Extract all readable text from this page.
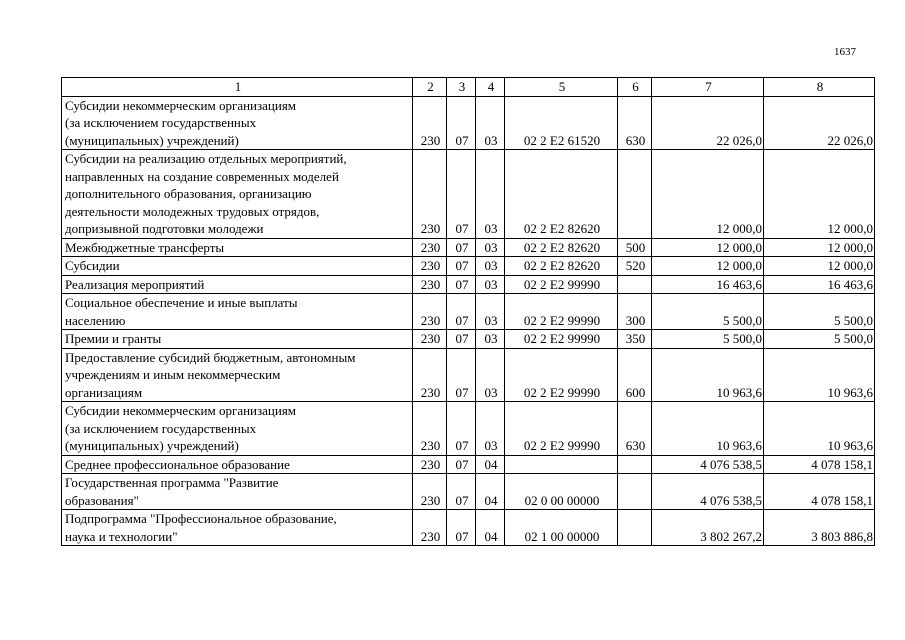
1637
1	2	3	4	5	6	7	8

Субсидии некоммерческим организациям
(за исключением государственных
(муниципальных) учреждений)	230	07	03	02 2 E2 61520	630	22 026,0	22 026,0

Субсидии на реализацию отдельных мероприятий,
направленных на создание современных моделей
дополнительного образования, организацию
деятельности молодежных трудовых отрядов,
допризывной подготовки молодежи	230	07	03	02 2 E2 82620		12 000,0	12 000,0

Межбюджетные трансферты	230	07	03	02 2 E2 82620	500	12 000,0	12 000,0

Субсидии	230	07	03	02 2 E2 82620	520	12 000,0	12 000,0

Реализация мероприятий	230	07	03	02 2 E2 99990		16 463,6	16 463,6

Социальное обеспечение и иные выплаты
населению	230	07	03	02 2 E2 99990	300	5 500,0	5 500,0

Премии и гранты	230	07	03	02 2 E2 99990	350	5 500,0	5 500,0

Предоставление субсидий бюджетным, автономным
учреждениям и иным некоммерческим
организациям	230	07	03	02 2 E2 99990	600	10 963,6	10 963,6

Субсидии некоммерческим организациям
(за исключением государственных
(муниципальных) учреждений)	230	07	03	02 2 E2 99990	630	10 963,6	10 963,6

Среднее профессиональное образование	230	07	04			4 076 538,5	4 078 158,1

Государственная программа "Развитие
образования"	230	07	04	02 0 00 00000		4 076 538,5	4 078 158,1

Подпрограмма "Профессиональное образование,
наука и технологии"	230	07	04	02 1 00 00000		3 802 267,2	3 803 886,8
